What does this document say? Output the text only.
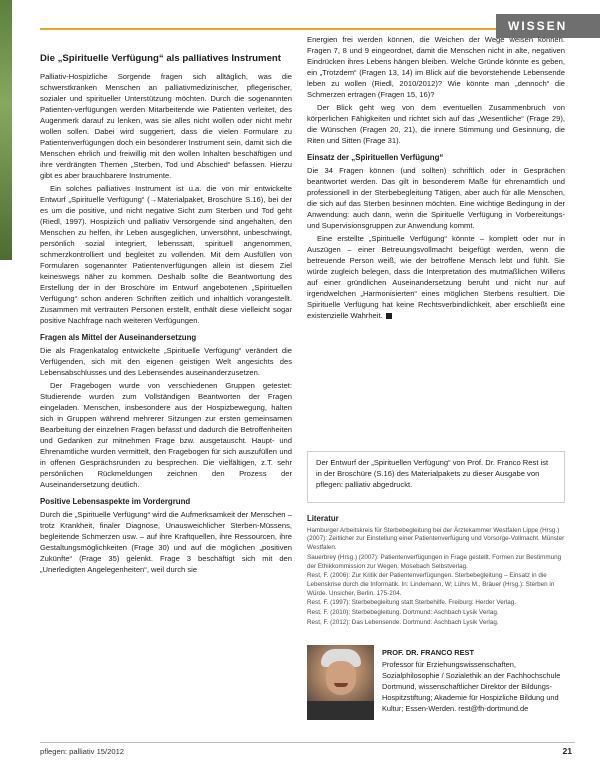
WISSEN
Die „Spirituelle Verfügung“ als palliatives Instrument

Palliativ-Hospizliche Sorgende fragen sich alltäglich, was die schwerstkranken Menschen an palliativmedizinischer, pflegerischer, sozialer und spiritueller Unterstützung möchten. Durch die sogenannten Patienten-verfügungen werden Mitarbeitende wie Patienten verleitet, des Augenmerk darauf zu lenken, was sie alles nicht wollen oder nicht mehr wollen sollen. Dabei wird suggeriert, dass die vielen Formulare zu Patientenverfügungen doch ein besonderer Instrument sein, damit sich die Menschen ehrlich und freiwillig mit den wollen Inhalten beschäftigen und ihre verdrängten Themen „Sterben, Tod und Abschied“ befassen. Hierzu gibt es aber brauchbarere Instrumente.

Ein solches palliatives Instrument ist u.a. die von mir entwickelte Entwurf „Spirituelle Verfügung“ (→Materialpaket, Broschüre S.16), bei der es um die positive, und nicht negative Sicht zum Sterben und Tod geht (Riedl, 1997). Hospiziich und palliativ Versorgende sind angehalten, den Menschen zu helfen, ihr Leben ausgeglichen, unversöhnt, unbeschwingt, persönlich sozial integriert, lebenssatt, spirituell angenommen, schmerzkontrolliert und begleitet zu vollenden. Mit dem Ausfüllen von Formularen sogenannter Patientenverfügungen allein ist diesem Ziel keineswegs näher zu kommen. Deshalb sollte die Beantwortung des Erstellung der in der Broschüre im Entwurf angebotenen „Spirituellen Verfügung“ schon anderen Schriften zeitlich und inhaltlich vorangestellt. Zusammen mit vertrauten Personen erstellt, enthält diese vielleicht sogar positive Nachfrage nach weiteren Verfügungen.

Fragen als Mittel der Auseinandersetzung

Die als Fragenkatalog entwickelte „Spirituelle Verfügung“ verändert die Verfügenden, sich mit den eigenen geistigen Welt angesichts des Lebensabschlusses und des Lebensendes auseinanderzusetzen.

Der Fragebogen wurde von verschiedenen Gruppen getestet: Studierende wurden zum Vollständigen Beantworten der Fragen eingeladen. Menschen, insbesondere aus der Hospizbewegung, halten sich in Gruppen während mehrerer Sitzungen zur ersten gemeinsamen Bearbeitung der einzelnen Fragen befasst und dadurch die Betroffenheiten und Gedanken zur mitnehmen Frage bzw. ausgetauscht. Haupt- und Ehrenamtliche wurden vermittelt, den Fragebogen für sich auszufüllen und in offenen Gesprächsrunden zu besprechen. Die vielfältigen, z.T. sehr persönlichen Rückmeldungen zeichnen den Prozess der Auseinandersetzung deutlich.

Positive Lebensaspekte im Vordergrund

Durch die „Spirituelle Verfügung“ wird die Aufmerksamkeit der Menschen – trotz Krankheit, finaler Diagnose, Unausweichlicher Sterben-Müssens, begleitende Schmerzen usw. – auf ihre Kraftquellen, ihre Ressourcen, ihre Gestaltungsmöglichkeiten (Frage 30) und auf die möglichen „positiven Zukünfte“ (Frage 35) gelenkt. Frage 3 beschäftigt sich mit den „Unerledigten Angelegenheiten“, weil durch sie

Energien frei werden können, die Weichen der Wege weisen können. Fragen 7, 8 und 9 eingeordnet, damit die Menschen nicht in alte, negativen Eindrücken ihres Lebens hängen bleiben. Welche Gründe könnte es geben, ein „Trotzdem“ (Fragen 13, 14) im Blick auf die bevorstehende Lebensende leben zu wollen (Riedl, 2010/2012)? Wie könnte man „dennoch“ die Schmerzen ertragen (Fragen 15, 16)?

Der Blick geht weg von dem eventuellen Zusammenbruch von körperlichen Fähigkeiten und richtet sich auf das „Wesentliche“ (Frage 29), die Wünschen (Fragen 20, 21), die innere Stimmung und Gesinnung, die Riten und Sitten (Frage 31).

Einsatz der „Spirituellen Verfügung“

Die 34 Fragen können (und sollten) schriftlich oder in Gesprächen beantwortet werden. Das gilt in besonderem Maße für ehrenamtlich und professionell in der Sterbebegleitung Tätigen, aber auch für alle Menschen, die sich auf das Sterben besinnen möchten. Eine wichtige Bedingung in der Anwendung: auch dann, wenn die Spirituelle Verfügung in Vorbereitungs- und Supervisionsgruppen zur Anwendung kommt.

Eine erstellte „Spirituelle Verfügung“ könnte – komplett oder nur in Auszügen – einer Betreuungsvollmacht beigefügt werden, wenn die betreuende Person weiß, wie der betroffene Mensch lebt und fühlt. Sie würde zugleich belegen, dass die Interpretation des mutmaßlichen Willens auf einer gründlichen Auseinandersetzung beruht und nicht nur auf irgendwelchen „Harmonisierten“ eines möglichen Sterbens resultiert. Die Spirituelle Verfügung hat keine Rechtsverbindlichkeit, aber erschließt eine existenzielle Wahrheit.

Der Entwurf der „Spirituellen Verfügung“ von Prof. Dr. Franco Rest ist in der Broschüre (S.16) des Materialpakets zu dieser Ausgabe von pflegen: palliativ abgedruckt.
Literatur
Hamburger Arbeitskreis für Sterbebegleitung bei der Ärztekammer Westfalen Lippe (Hrsg.) (2007): Zeitlicher zur Einstellung einer Patientenverfügung und Vorsorge-Vollmacht. Münster Westfalen.
Sauerbrey (Hrsg.) (2007): Patientenverfügungen in Frage gestellt. Formen zur Bestimmung der Ethikkommission zur Wegen. Mosebach Selbstverlag.
Rest, F. (2006): Zur Kritik der Patientenverfügungen. Sterbebegleitung – Einsatz in die Lebenskrise durch die Informatik. In: Lindemann, W; Lührs M., Bräuer (Hrsg.): Sterben in Würde. Unsicher, Berlin. 175-204.
Rest, F. (1997): Sterbebegleitung statt Sterbehilfe. Freiburg: Herder Verlag.
Rest, F. (2010): Sterbebegleitung. Dortmund: Aschbach Lysik Verlag.
Rest, F. (2012): Das Lebensende. Dortmund: Aschbach Lysik Verlag.
PROF. DR. FRANCO REST
Professor für Erziehungswissenschaften, Sozialphilosophie / Sozialethik an der Fachhochschule Dortmund, wissenschaftlicher Direktor der Bildungs-Hospitzstiftung; Akademie für Hospizliche Bildung und Kultur; Essen-Werden. rest@fh-dortmund.de
pflegen: palliativ 15/2012	21
